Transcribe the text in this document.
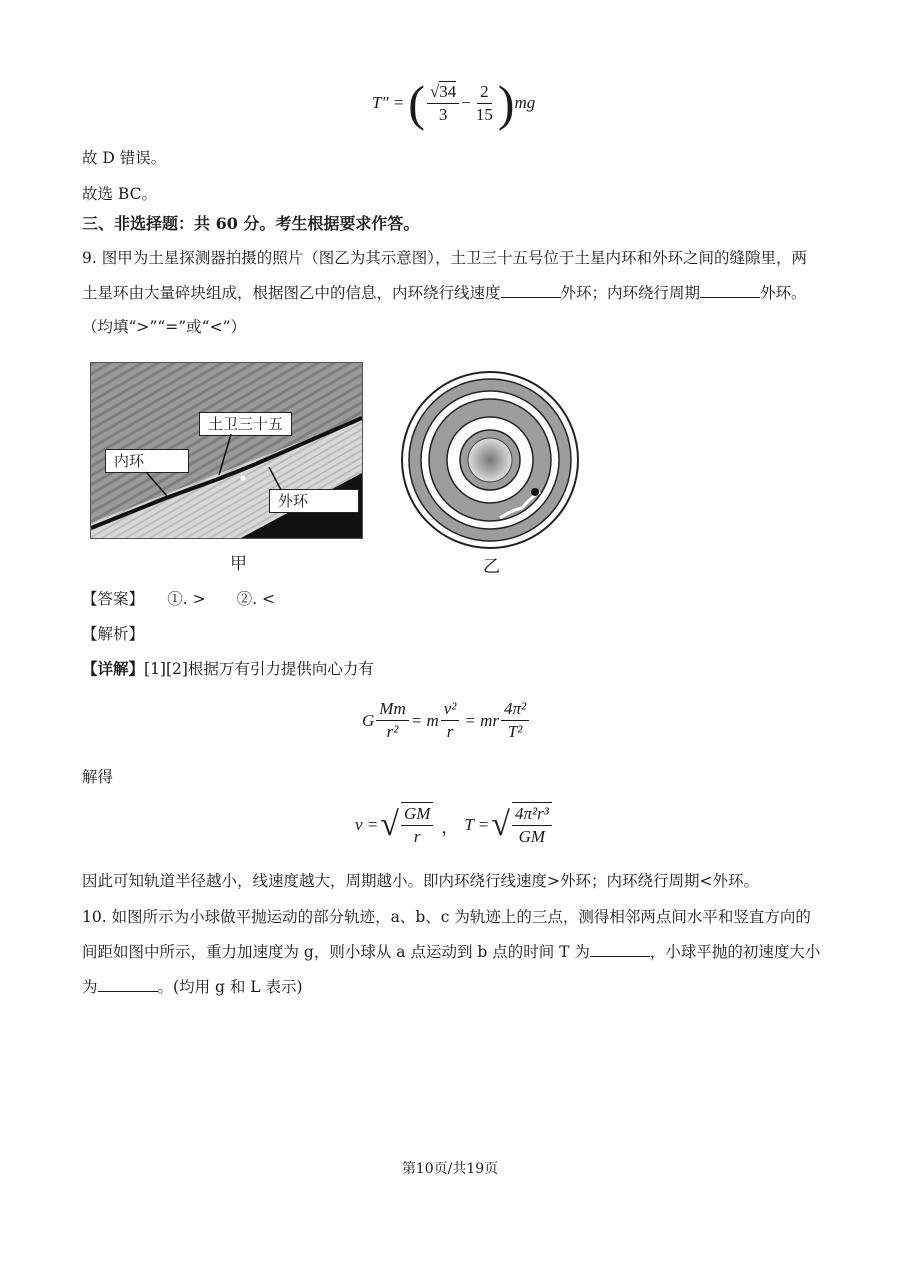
T″ = ( $\frac{√34}{3} - \frac{2}{15}$ ) mg
故 D 错误。
故选 BC。
三、非选择题：共 60 分。考生根据要求作答。
9. 图甲为土星探测器拍摄的照片（图乙为其示意图），土卫三十五号位于土星内环和外环之间的缝隙里，两
土星环由大量碎块组成，根据图乙中的信息，内环绕行线速度	外环；内环绕行周期	外环。
（均填“>”“=”或“<”）
土卫三十五
内环
外环
甲	乙
【答案】　　①. >　　②. <
【解析】
【详解】[1][2]根据万有引力提供向心力有
G $\frac{Mm}{\text{r²}} = m \frac{\text{v²}}{r}$ = mr $\frac{\text{4π²}}{\text{T²}}$
解得
v = √ $\frac{GM}{r}$ ， T = √ $\frac{\text{4π²r³}}{GM}$
因此可知轨道半径越小，线速度越大，周期越小。即内环绕行线速度>外环；内环绕行周期<外环。
10. 如图所示为小球做平抛运动的部分轨迹，a、b、c 为轨迹上的三点，测得相邻两点间水平和竖直方向的
间距如图中所示，重力加速度为 g，则小球从 a 点运动到 b 点的时间 T 为	，小球平抛的初速度大小
为	。(均用 g 和 L 表示)
第10页/共19页
